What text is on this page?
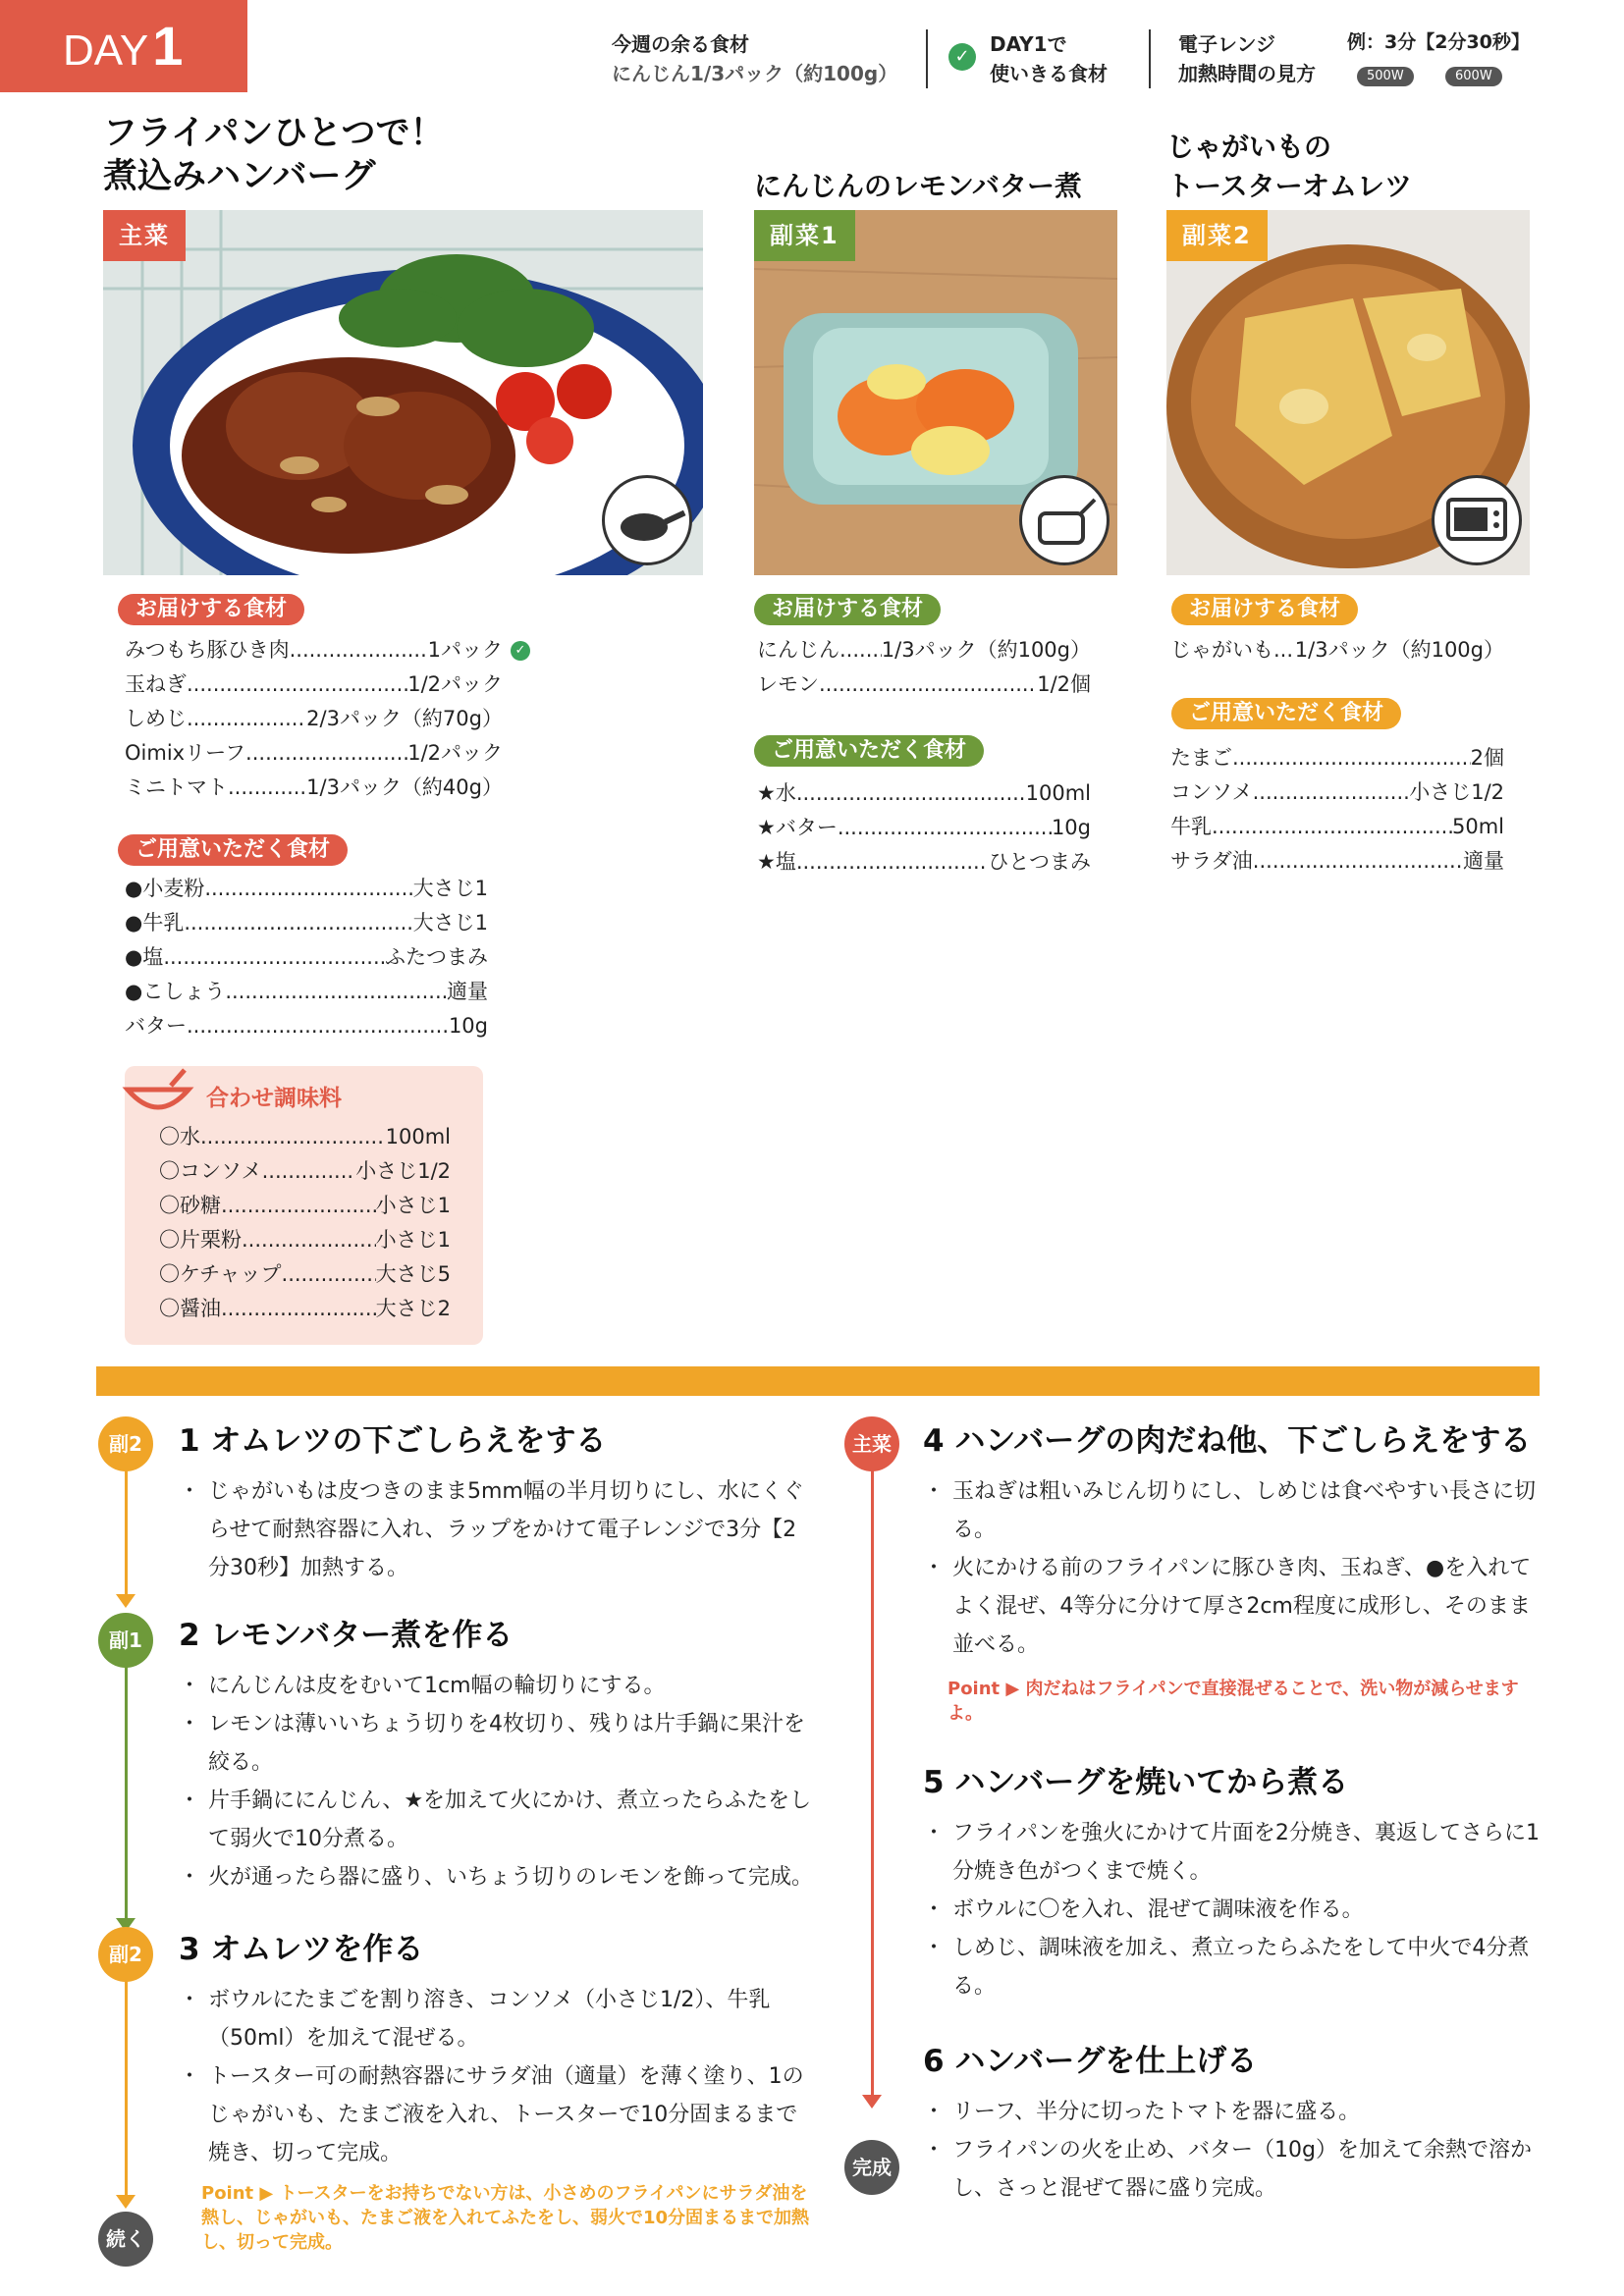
DAY1	今週の余る食材
にんじん1/3パック（約100g）
✓
DAY1で
使いきる食材
電子レンジ
加熱時間の見方
例：3分【2分30秒】
500W	600W
フライパンひとつで！
煮込みハンバーグ	にんじんのレモンバター煮
じゃがいもの
トースターオムレツ
主菜	副菜1	副菜2
お届けする食材
みつもち豚ひき肉 .....	1パック
玉ねぎ .....	1/2パック
しめじ .....	2/3パック（約70g）
Oimixリーフ .....	1/2パック
ミニトマト .....	1/3パック（約40g）
✓
ご用意いただく食材
●小麦粉 .....	大さじ1
●牛乳 .....	大さじ1
●塩 .....	ふたつまみ
●こしょう .....	適量
バター .....	10g
合わせ調味料
〇水 .....	100ml
〇コンソメ .....	小さじ1/2
〇砂糖 .....	小さじ1
〇片栗粉 .....	小さじ1
〇ケチャップ .....	大さじ5
〇醤油 .....	大さじ2
お届けする食材
にんじん ..... 1/3パック（約100g）
レモン .....	1/2個
ご用意いただく食材
★水 .....	100ml
★バター .....	10g
★塩 .....	ひとつまみ
お届けする食材
じゃがいも ..... 1/3パック（約100g）
ご用意いただく食材
たまご .....	2個
コンソメ .....	小さじ1/2
牛乳 .....	50ml
サラダ油 .....	適量
副2
副1
副2
続く
主菜
完成
1 オムレツの下ごしらえをする
・ じゃがいもは皮つきのまま5mm幅の半月切りにし、水にくぐらせて耐熱容器に入れ、ラップをかけて電子レンジで3分【2分30秒】加熱する。
2 レモンバター煮を作る
・ にんじんは皮をむいて1cm幅の輪切りにする。
・ レモンは薄いいちょう切りを4枚切り、残りは片手鍋に果汁を絞る。
・ 片手鍋ににんじん、★を加えて火にかけ、煮立ったらふたをして弱火で10分煮る。
・ 火が通ったら器に盛り、いちょう切りのレモンを飾って完成。
3 オムレツを作る
・ ボウルにたまごを割り溶き、コンソメ（小さじ1/2）、牛乳（50ml）を加えて混ぜる。
・ トースター可の耐熱容器にサラダ油（適量）を薄く塗り、1のじゃがいも、たまご液を入れ、トースターで10分固まるまで焼き、切って完成。
Point ▶ トースターをお持ちでない方は、小さめのフライパンにサラダ油を熱し、じゃがいも、たまご液を入れてふたをし、弱火で10分固まるまで加熱し、切って完成。
4 ハンバーグの肉だね他、下ごしらえをする
・ 玉ねぎは粗いみじん切りにし、しめじは食べやすい長さに切る。
・ 火にかける前のフライパンに豚ひき肉、玉ねぎ、●を入れてよく混ぜ、4等分に分けて厚さ2cm程度に成形し、そのまま並べる。
Point ▶ 肉だねはフライパンで直接混ぜることで、洗い物が減らせますよ。
5 ハンバーグを焼いてから煮る
・ フライパンを強火にかけて片面を2分焼き、裏返してさらに1分焼き色がつくまで焼く。
・ ボウルに〇を入れ、混ぜて調味液を作る。
・ しめじ、調味液を加え、煮立ったらふたをして中火で4分煮る。
6 ハンバーグを仕上げる
・ リーフ、半分に切ったトマトを器に盛る。
・ フライパンの火を止め、バター（10g）を加えて余熱で溶かし、さっと混ぜて器に盛り完成。
